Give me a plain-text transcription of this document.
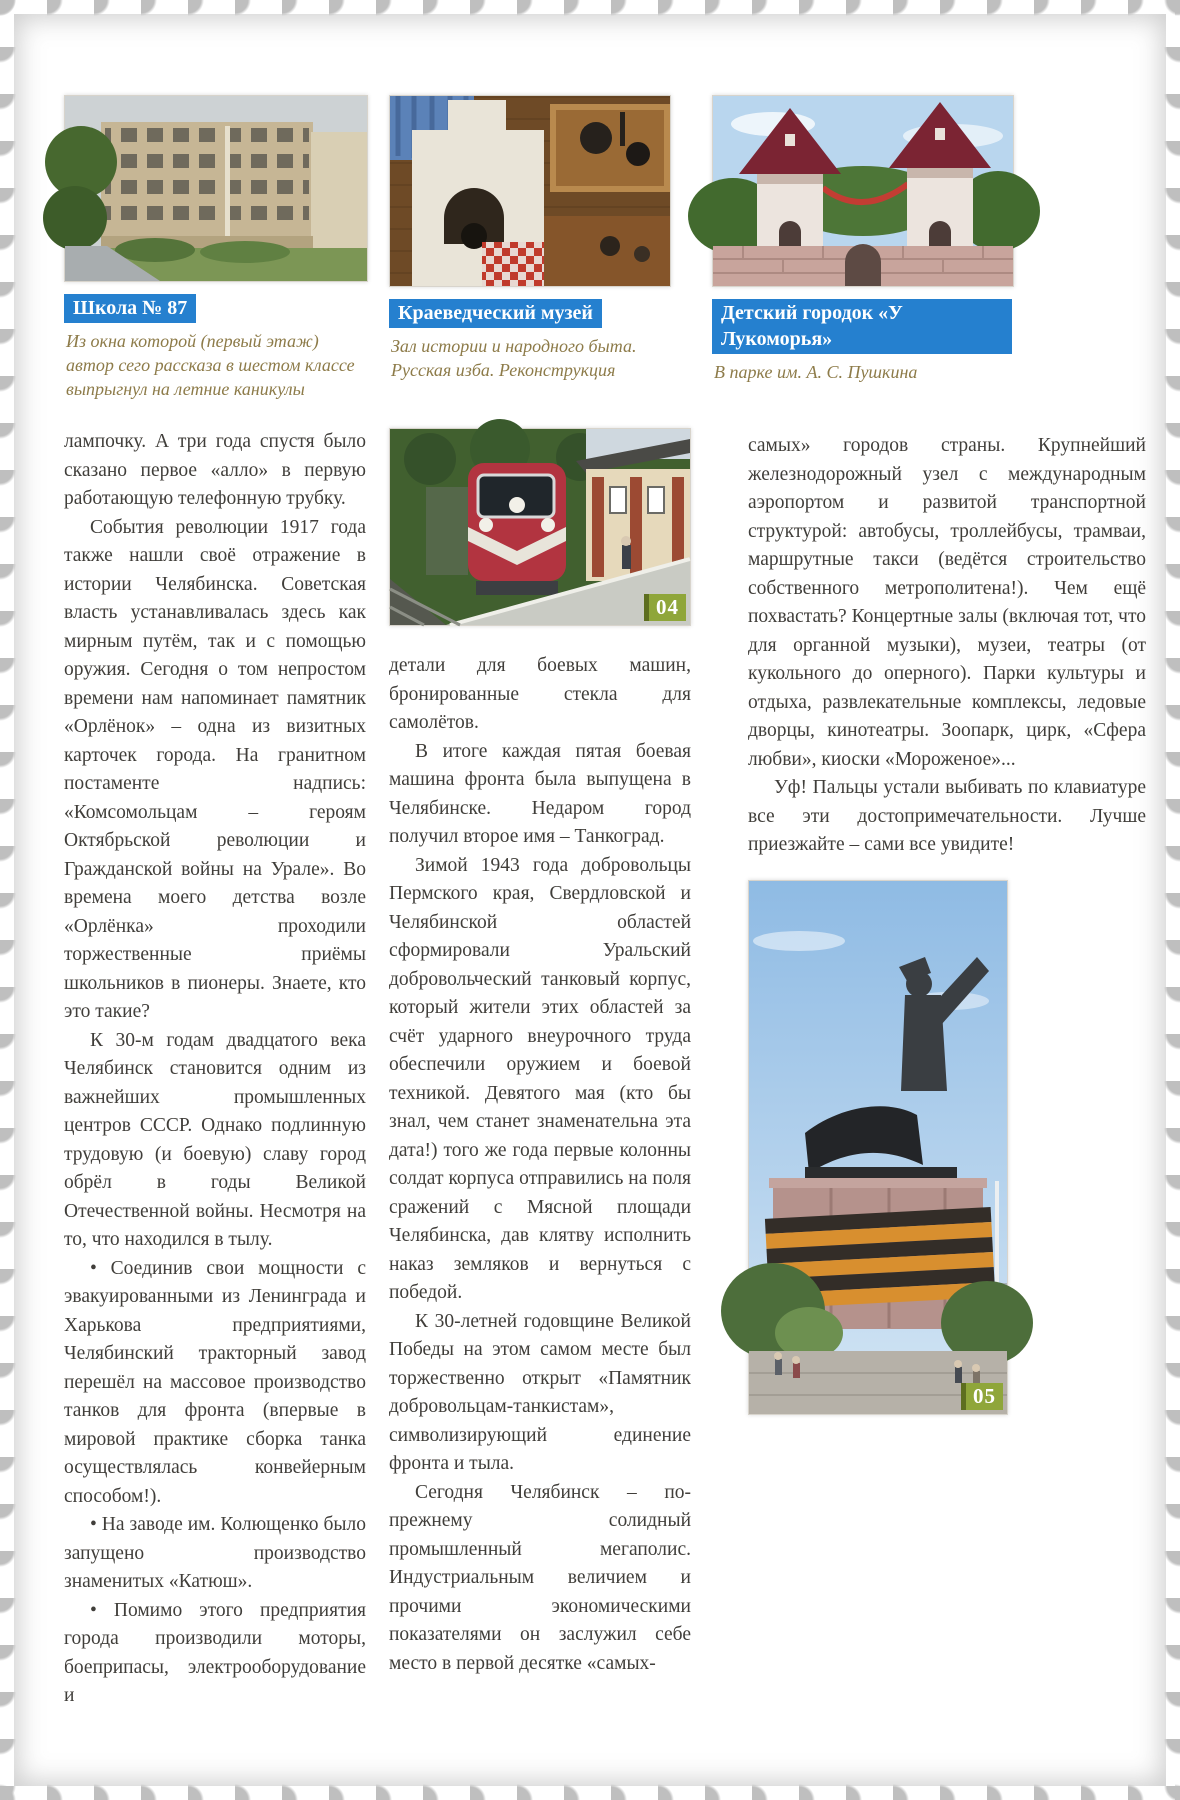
Школа № 87

Из окна которой (первый этаж) автор сего рассказа в шестом классе выпрыгнул на летние каникулы

Краеведческий музей

Зал истории и народного быта. Русская изба. Реконструкция

Детский городок «У Лукоморья»

В парке им. А. С. Пушкина

лампочку. А три года спустя было сказано первое «алло» в первую работающую телефонную трубку.

События революции 1917 года также нашли своё отражение в истории Челябинска. Советская власть устанавливалась здесь как мирным путём, так и с помощью оружия. Сегодня о том непростом времени нам напоминает памятник «Орлёнок» – одна из визитных карточек города. На гранитном постаменте надпись: «Комсомольцам – героям Октябрьской революции и Гражданской войны на Урале». Во времена моего детства возле «Орлёнка» проходили торжественные приёмы школьников в пионеры. Знаете, кто это такие?

К 30-м годам двадцатого века Челябинск становится одним из важнейших промышленных центров СССР. Однако подлинную трудовую (и боевую) славу город обрёл в годы Великой Отечественной войны. Несмотря на то, что находился в тылу.

• Соединив свои мощности с эвакуированными из Ленинграда и Харькова предприятиями, Челябинский тракторный завод перешёл на массовое производство танков для фронта (впервые в мировой практике сборка танка осуществлялась конвейерным способом!).

• На заводе им. Колющенко было запущено производство знаменитых «Катюш».

• Помимо этого предприятия города производили моторы, боеприпасы, электрооборудование и

04

детали для боевых машин, бронированные стекла для самолётов.

В итоге каждая пятая боевая машина фронта была выпущена в Челябинске. Недаром город получил второе имя – Танкоград.

Зимой 1943 года добровольцы Пермского края, Свердловской и Челябинской областей сформировали Уральский добровольческий танковый корпус, который жители этих областей за счёт ударного внеурочного труда обеспечили оружием и боевой техникой. Девятого мая (кто бы знал, чем станет знаменательна эта дата!) того же года первые колонны солдат корпуса отправились на поля сражений с Мясной площади Челябинска, дав клятву исполнить наказ земляков и вернуться с победой.

К 30-летней годовщине Великой Победы на этом самом месте был торжественно открыт «Памятник добровольцам-танкистам», символизирующий единение фронта и тыла.

Сегодня Челябинск – по-прежнему солидный промышленный мегаполис. Индустриальным величием и прочими экономическими показателями он заслужил себе место в первой десятке «самых-

самых» городов страны. Крупнейший железнодорожный узел с международным аэропортом и развитой транспортной структурой: автобусы, троллейбусы, трамваи, маршрутные такси (ведётся строительство собственного метрополитена!). Чем ещё похвастать? Концертные залы (включая тот, что для органной музыки), музеи, театры (от кукольного до оперного). Парки культуры и отдыха, развлекательные комплексы, ледовые дворцы, кинотеатры. Зоопарк, цирк, «Сфера любви», киоски «Мороженое»...

Уф! Пальцы устали выбивать по клавиатуре все эти достопримечательности. Лучше приезжайте – сами все увидите!

05
